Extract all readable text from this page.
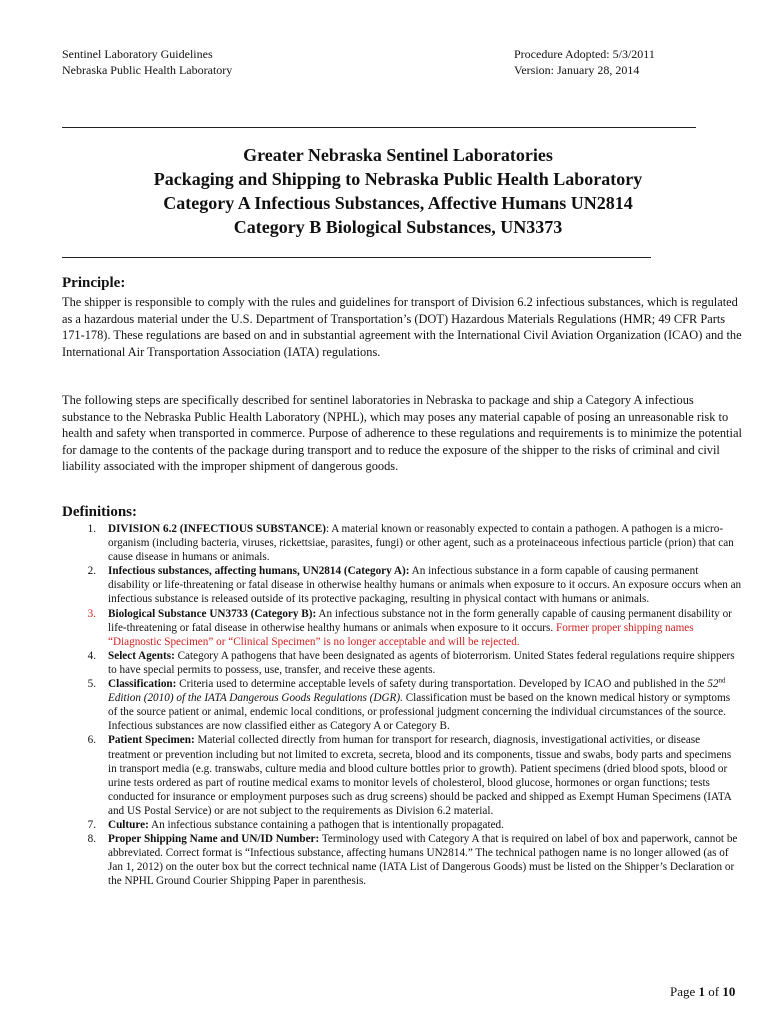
Sentinel Laboratory Guidelines
Nebraska Public Health Laboratory
Procedure Adopted: 5/3/2011
Version: January 28, 2014
Greater Nebraska Sentinel Laboratories
Packaging and Shipping to Nebraska Public Health Laboratory
Category A Infectious Substances, Affective Humans UN2814
Category B Biological Substances, UN3373
Principle:
The shipper is responsible to comply with the rules and guidelines for transport of Division 6.2 infectious substances, which is regulated as a hazardous material under the U.S. Department of Transportation’s (DOT) Hazardous Materials Regulations (HMR; 49 CFR Parts 171-178). These regulations are based on and in substantial agreement with the International Civil Aviation Organization (ICAO) and the International Air Transportation Association (IATA) regulations.
The following steps are specifically described for sentinel laboratories in Nebraska to package and ship a Category A infectious substance to the Nebraska Public Health Laboratory (NPHL), which may poses any material capable of posing an unreasonable risk to health and safety when transported in commerce. Purpose of adherence to these regulations and requirements is to minimize the potential for damage to the contents of the package during transport and to reduce the exposure of the shipper to the risks of criminal and civil liability associated with the improper shipment of dangerous goods.
Definitions:
1. DIVISION 6.2 (INFECTIOUS SUBSTANCE): A material known or reasonably expected to contain a pathogen. A pathogen is a micro-organism (including bacteria, viruses, rickettsiae, parasites, fungi) or other agent, such as a proteinaceous infectious particle (prion) that can cause disease in humans or animals.
2. Infectious substances, affecting humans, UN2814 (Category A): An infectious substance in a form capable of causing permanent disability or life-threatening or fatal disease in otherwise healthy humans or animals when exposure to it occurs. An exposure occurs when an infectious substance is released outside of its protective packaging, resulting in physical contact with humans or animals.
3. Biological Substance UN3733 (Category B): An infectious substance not in the form generally capable of causing permanent disability or life-threatening or fatal disease in otherwise healthy humans or animals when exposure to it occurs. Former proper shipping names “Diagnostic Specimen” or “Clinical Specimen” is no longer acceptable and will be rejected.
4. Select Agents: Category A pathogens that have been designated as agents of bioterrorism. United States federal regulations require shippers to have special permits to possess, use, transfer, and receive these agents.
5. Classification: Criteria used to determine acceptable levels of safety during transportation. Developed by ICAO and published in the 52nd Edition (2010) of the IATA Dangerous Goods Regulations (DGR). Classification must be based on the known medical history or symptoms of the source patient or animal, endemic local conditions, or professional judgment concerning the individual circumstances of the source. Infectious substances are now classified either as Category A or Category B.
6. Patient Specimen: Material collected directly from human for transport for research, diagnosis, investigational activities, or disease treatment or prevention including but not limited to excreta, secreta, blood and its components, tissue and swabs, body parts and specimens in transport media (e.g. transwabs, culture media and blood culture bottles prior to growth). Patient specimens (dried blood spots, blood or urine tests ordered as part of routine medical exams to monitor levels of cholesterol, blood glucose, hormones or organ functions; tests conducted for insurance or employment purposes such as drug screens) should be packed and shipped as Exempt Human Specimens (IATA and US Postal Service) or are not subject to the requirements as Division 6.2 material.
7. Culture: An infectious substance containing a pathogen that is intentionally propagated.
8. Proper Shipping Name and UN/ID Number: Terminology used with Category A that is required on label of box and paperwork, cannot be abbreviated. Correct format is “Infectious substance, affecting humans UN2814.” The technical pathogen name is no longer allowed (as of Jan 1, 2012) on the outer box but the correct technical name (IATA List of Dangerous Goods) must be listed on the Shipper’s Declaration or the NPHL Ground Courier Shipping Paper in parenthesis.
Page 1 of 10
